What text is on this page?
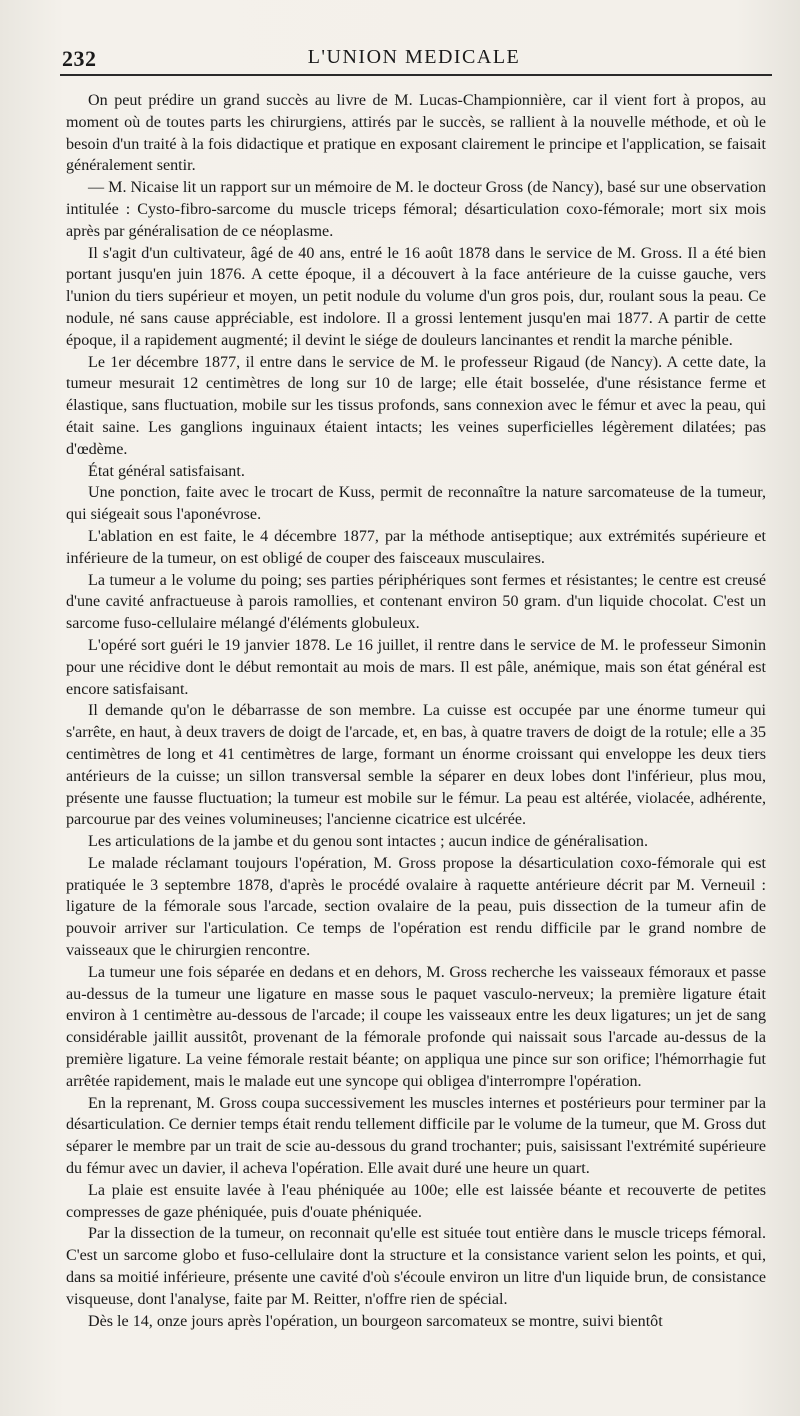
232	L'UNION MEDICALE

On peut prédire un grand succès au livre de M. Lucas-Championnière, car il vient fort à propos, au moment où de toutes parts les chirurgiens, attirés par le succès, se rallient à la nouvelle méthode, et où le besoin d'un traité à la fois didactique et pratique en exposant clairement le principe et l'application, se faisait généralement sentir.

— M. Nicaise lit un rapport sur un mémoire de M. le docteur Gross (de Nancy), basé sur une observation intitulée : Cysto-fibro-sarcome du muscle triceps fémoral; désarticulation coxo-fémorale; mort six mois après par généralisation de ce néoplasme.

Il s'agit d'un cultivateur, âgé de 40 ans, entré le 16 août 1878 dans le service de M. Gross. Il a été bien portant jusqu'en juin 1876. A cette époque, il a découvert à la face antérieure de la cuisse gauche, vers l'union du tiers supérieur et moyen, un petit nodule du volume d'un gros pois, dur, roulant sous la peau. Ce nodule, né sans cause appréciable, est indolore. Il a grossi lentement jusqu'en mai 1877. A partir de cette époque, il a rapidement augmenté; il devint le siége de douleurs lancinantes et rendit la marche pénible.

Le 1er décembre 1877, il entre dans le service de M. le professeur Rigaud (de Nancy). A cette date, la tumeur mesurait 12 centimètres de long sur 10 de large; elle était bosselée, d'une résistance ferme et élastique, sans fluctuation, mobile sur les tissus profonds, sans connexion avec le fémur et avec la peau, qui était saine. Les ganglions inguinaux étaient intacts; les veines superficielles légèrement dilatées; pas d'œdème.

État général satisfaisant.

Une ponction, faite avec le trocart de Kuss, permit de reconnaître la nature sarcomateuse de la tumeur, qui siégeait sous l'aponévrose.

L'ablation en est faite, le 4 décembre 1877, par la méthode antiseptique; aux extrémités supérieure et inférieure de la tumeur, on est obligé de couper des faisceaux musculaires.

La tumeur a le volume du poing; ses parties périphériques sont fermes et résistantes; le centre est creusé d'une cavité anfractueuse à parois ramollies, et contenant environ 50 gram. d'un liquide chocolat. C'est un sarcome fuso-cellulaire mélangé d'éléments globuleux.

L'opéré sort guéri le 19 janvier 1878. Le 16 juillet, il rentre dans le service de M. le professeur Simonin pour une récidive dont le début remontait au mois de mars. Il est pâle, anémique, mais son état général est encore satisfaisant.

Il demande qu'on le débarrasse de son membre. La cuisse est occupée par une énorme tumeur qui s'arrête, en haut, à deux travers de doigt de l'arcade, et, en bas, à quatre travers de doigt de la rotule; elle a 35 centimètres de long et 41 centimètres de large, formant un énorme croissant qui enveloppe les deux tiers antérieurs de la cuisse; un sillon transversal semble la séparer en deux lobes dont l'inférieur, plus mou, présente une fausse fluctuation; la tumeur est mobile sur le fémur. La peau est altérée, violacée, adhérente, parcourue par des veines volumineuses; l'ancienne cicatrice est ulcérée.

Les articulations de la jambe et du genou sont intactes ; aucun indice de généralisation.

Le malade réclamant toujours l'opération, M. Gross propose la désarticulation coxo-fémorale qui est pratiquée le 3 septembre 1878, d'après le procédé ovalaire à raquette antérieure décrit par M. Verneuil : ligature de la fémorale sous l'arcade, section ovalaire de la peau, puis dissection de la tumeur afin de pouvoir arriver sur l'articulation. Ce temps de l'opération est rendu difficile par le grand nombre de vaisseaux que le chirurgien rencontre.

La tumeur une fois séparée en dedans et en dehors, M. Gross recherche les vaisseaux fémoraux et passe au-dessus de la tumeur une ligature en masse sous le paquet vasculo-nerveux; la première ligature était environ à 1 centimètre au-dessous de l'arcade; il coupe les vaisseaux entre les deux ligatures; un jet de sang considérable jaillit aussitôt, provenant de la fémorale profonde qui naissait sous l'arcade au-dessus de la première ligature. La veine fémorale restait béante; on appliqua une pince sur son orifice; l'hémorrhagie fut arrêtée rapidement, mais le malade eut une syncope qui obligea d'interrompre l'opération.

En la reprenant, M. Gross coupa successivement les muscles internes et postérieurs pour terminer par la désarticulation. Ce dernier temps était rendu tellement difficile par le volume de la tumeur, que M. Gross dut séparer le membre par un trait de scie au-dessous du grand trochanter; puis, saisissant l'extrémité supérieure du fémur avec un davier, il acheva l'opération. Elle avait duré une heure un quart.

La plaie est ensuite lavée à l'eau phéniquée au 100e; elle est laissée béante et recouverte de petites compresses de gaze phéniquée, puis d'ouate phéniquée.

Par la dissection de la tumeur, on reconnait qu'elle est située tout entière dans le muscle triceps fémoral. C'est un sarcome globo et fuso-cellulaire dont la structure et la consistance varient selon les points, et qui, dans sa moitié inférieure, présente une cavité d'où s'écoule environ un litre d'un liquide brun, de consistance visqueuse, dont l'analyse, faite par M. Reitter, n'offre rien de spécial.

Dès le 14, onze jours après l'opération, un bourgeon sarcomateux se montre, suivi bientôt
